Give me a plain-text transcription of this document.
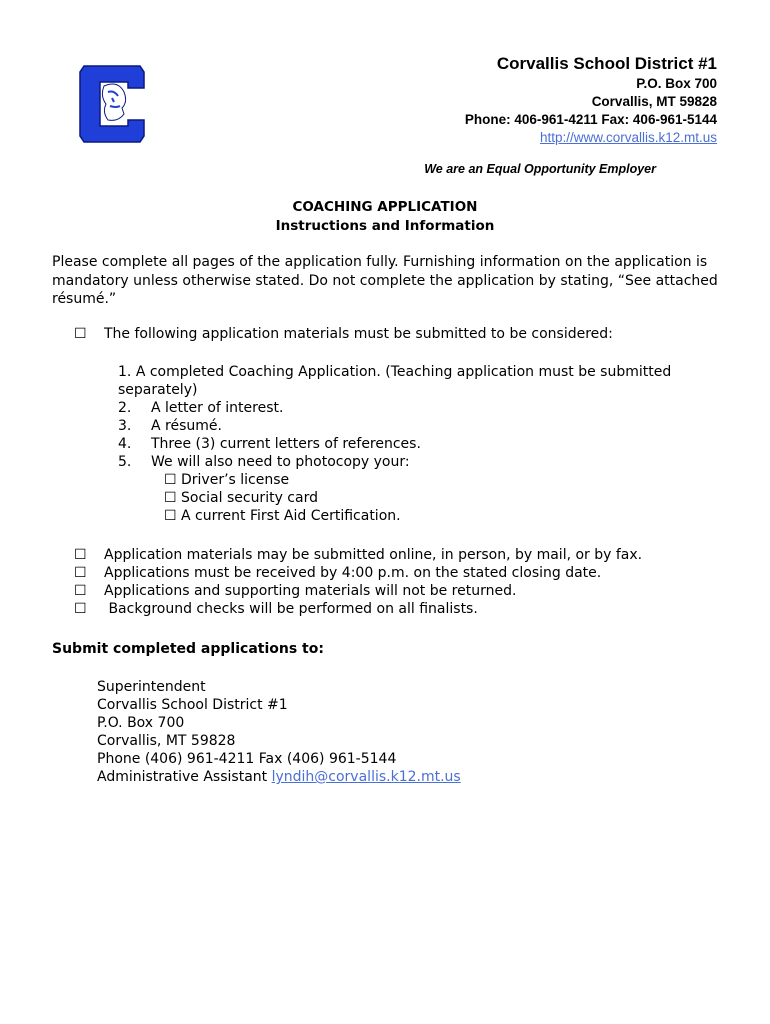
Corvallis School District #1
P.O. Box 700
Corvallis, MT 59828
Phone: 406-961-4211 Fax: 406-961-5144
http://www.corvallis.k12.mt.us
We are an Equal Opportunity Employer
COACHING APPLICATION
Instructions and Information
Please complete all pages of the application fully. Furnishing information on the application is mandatory unless otherwise stated. Do not complete the application by stating, “See attached résumé.”
☐ The following application materials must be submitted to be considered:
1. A completed Coaching Application. (Teaching application must be submitted separately)
2.	A letter of interest.
3.	A résumé.
4.	Three (3) current letters of references.
5.	We will also need to photocopy your:
☐ Driver’s license
☐ Social security card
☐ A current First Aid Certification.
☐ Application materials may be submitted online, in person, by mail, or by fax.
☐ Applications must be received by 4:00 p.m. on the stated closing date.
☐ Applications and supporting materials will not be returned.
☐ Background checks will be performed on all finalists.
Submit completed applications to:
Superintendent
Corvallis School District #1
P.O. Box 700
Corvallis, MT 59828
Phone (406) 961-4211 Fax (406) 961-5144
Administrative Assistant lyndih@corvallis.k12.mt.us
